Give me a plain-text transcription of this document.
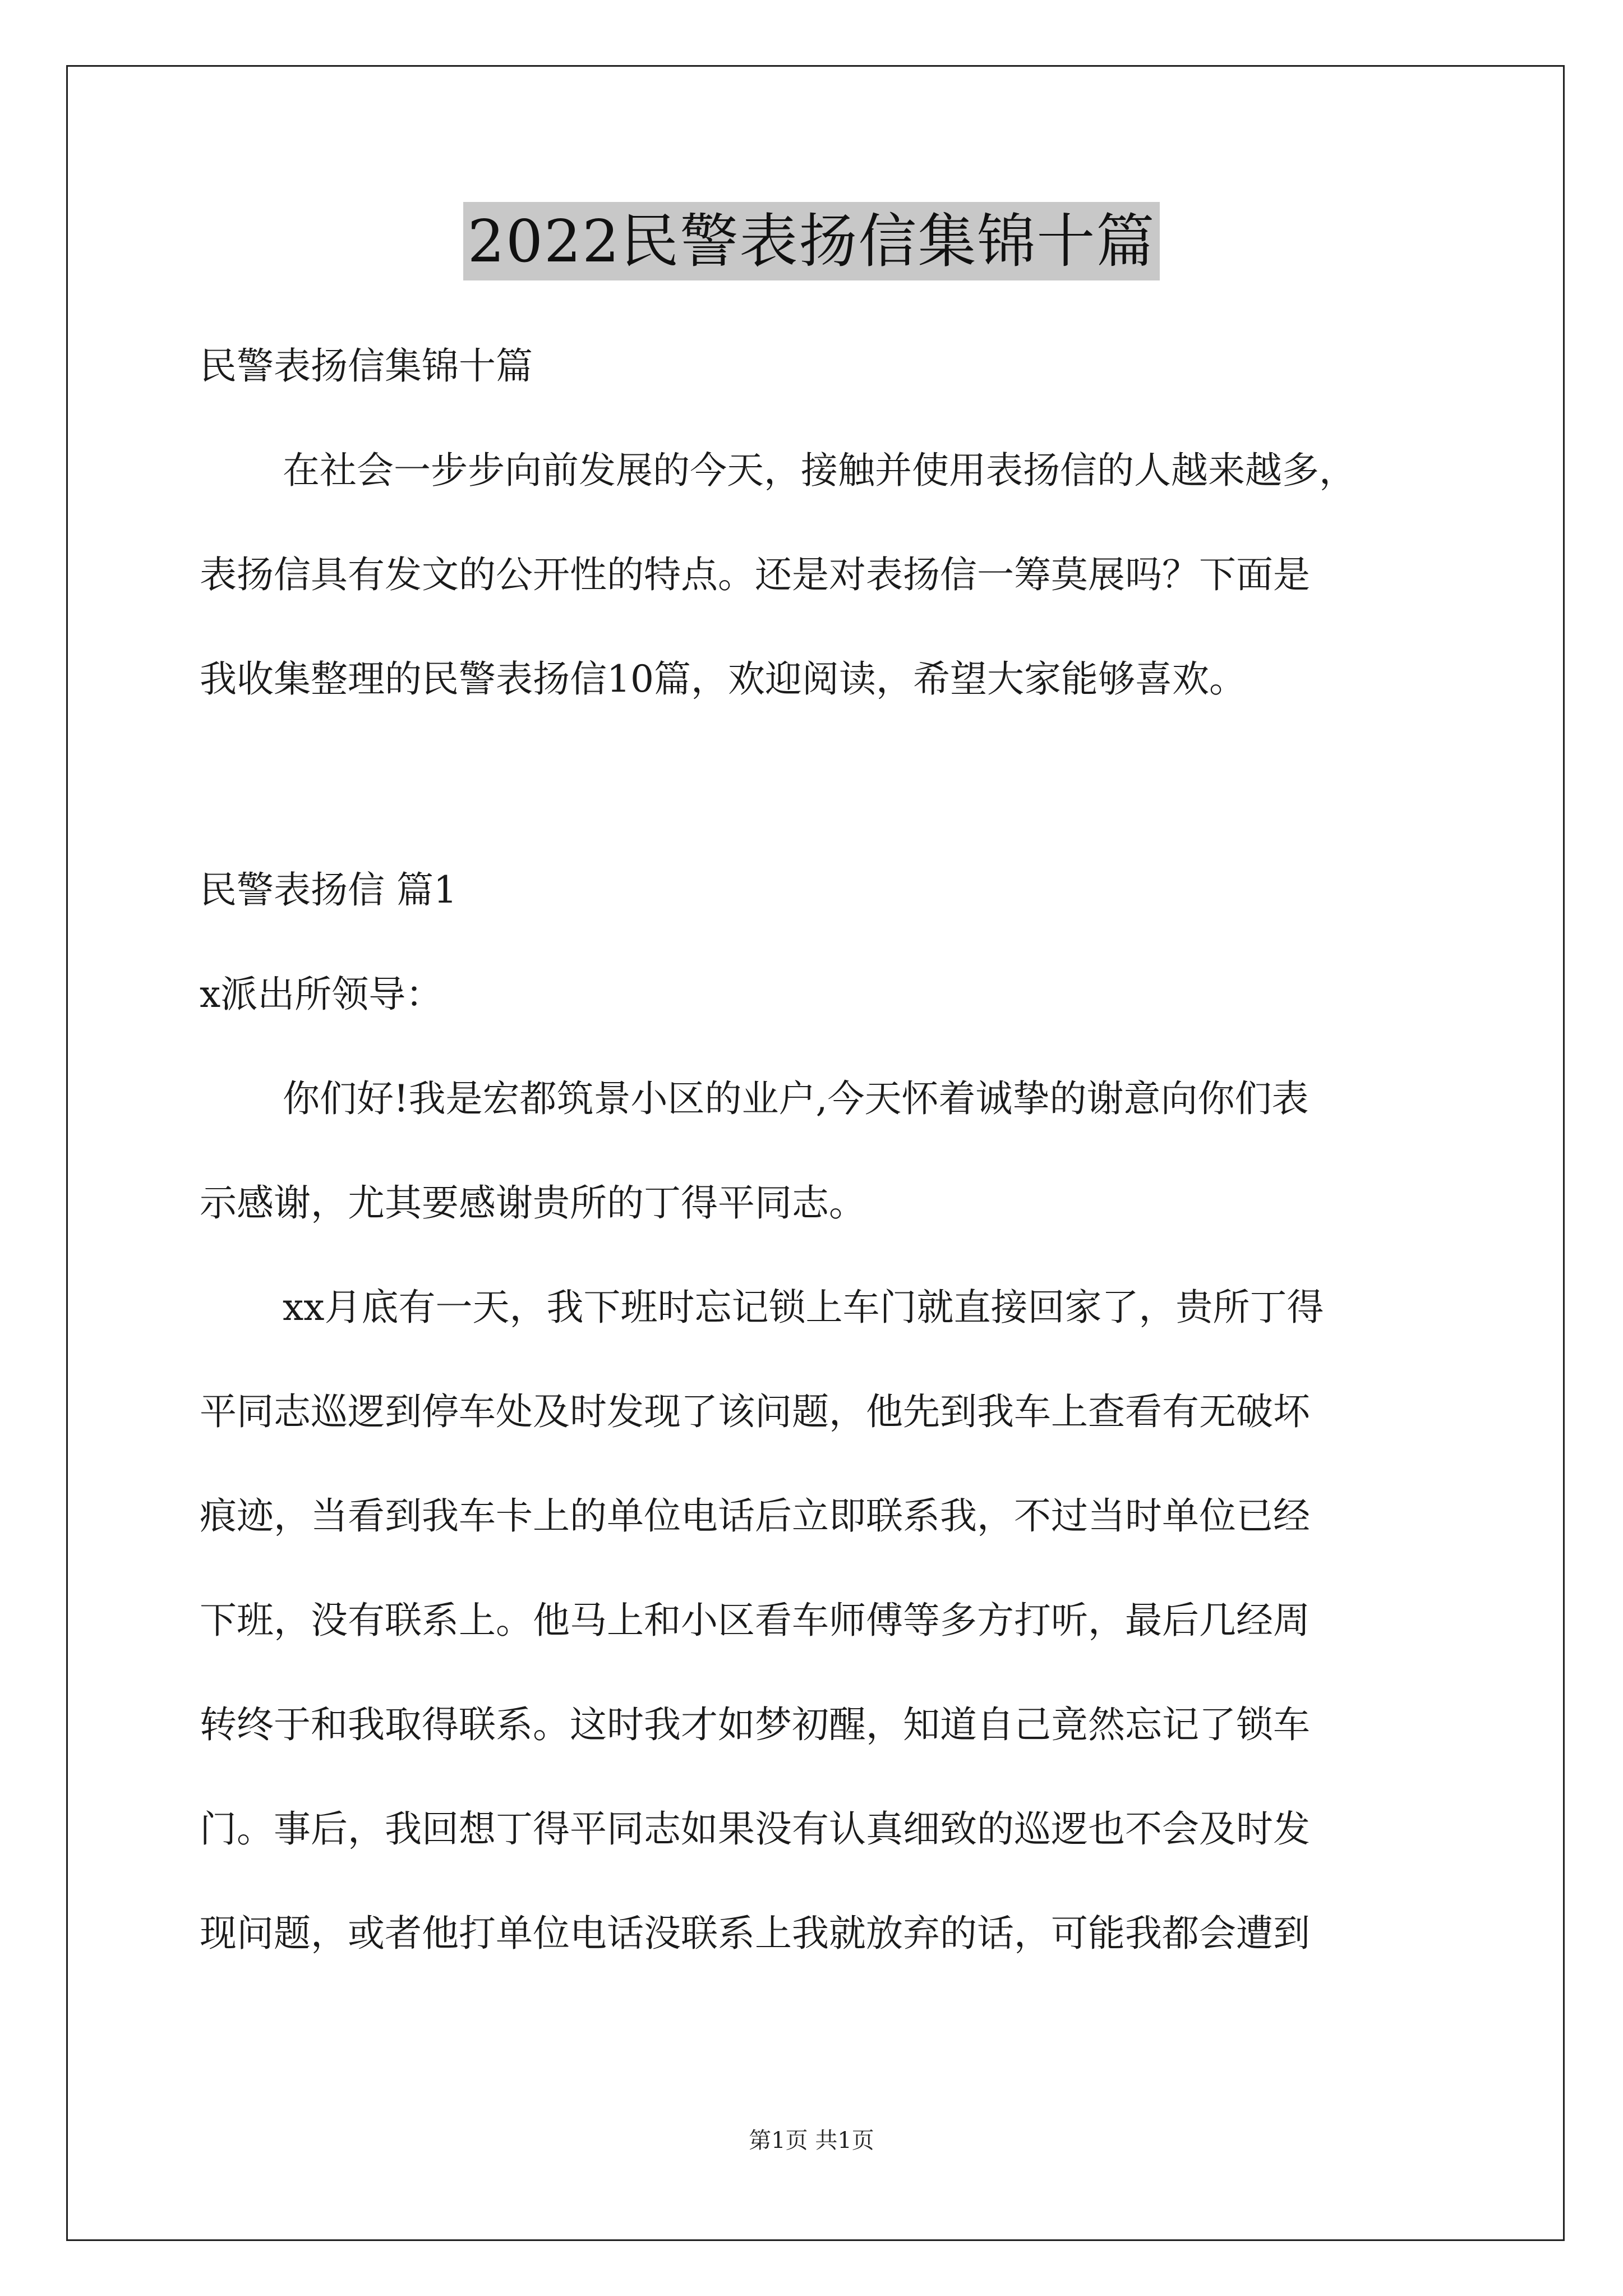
2022民警表扬信集锦十篇
民警表扬信集锦十篇
在社会一步步向前发展的今天，接触并使用表扬信的人越来越多，
表扬信具有发文的公开性的特点。还是对表扬信一筹莫展吗？下面是
我收集整理的民警表扬信10篇，欢迎阅读，希望大家能够喜欢。
民警表扬信 篇1
x派出所领导：
你们好!我是宏都筑景小区的业户,今天怀着诚挚的谢意向你们表
示感谢，尤其要感谢贵所的丁得平同志。
xx月底有一天，我下班时忘记锁上车门就直接回家了，贵所丁得
平同志巡逻到停车处及时发现了该问题，他先到我车上查看有无破坏
痕迹，当看到我车卡上的单位电话后立即联系我，不过当时单位已经
下班，没有联系上。他马上和小区看车师傅等多方打听，最后几经周
转终于和我取得联系。这时我才如梦初醒，知道自己竟然忘记了锁车
门。事后，我回想丁得平同志如果没有认真细致的巡逻也不会及时发
现问题，或者他打单位电话没联系上我就放弃的话，可能我都会遭到
第1页 共1页
